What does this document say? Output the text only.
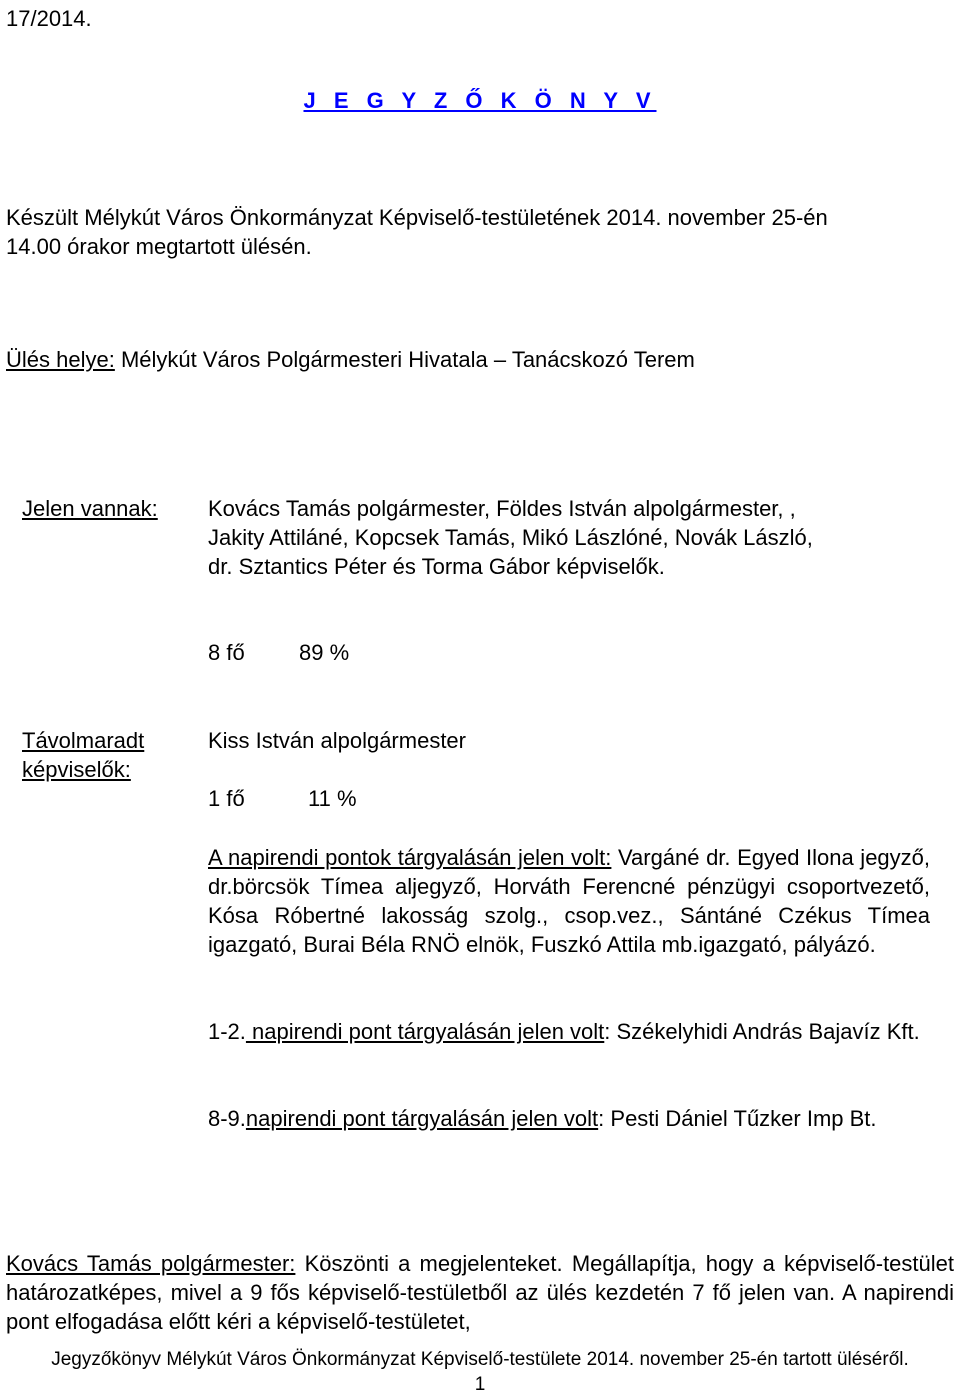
17/2014.
J E G Y Z Ő K Ö N Y V
Készült Mélykút Város Önkormányzat Képviselő-testületének 2014. november 25-én
14.00 órakor megtartott ülésén.
Ülés helye: Mélykút Város Polgármesteri Hivatala – Tanácskozó Terem
Jelen vannak: Kovács Tamás polgármester, Földes István alpolgármester, ,
Jakity Attiláné, Kopcsek Tamás, Mikó Lászlóné, Novák László,
dr. Sztantics Péter és Torma Gábor képviselők.
8 fő 89 %
Távolmaradt
képviselők:
Kiss István alpolgármester
1 fő	11 %
A napirendi pontok tárgyalásán jelen volt: Vargáné dr. Egyed Ilona jegyző, dr.börcsök Tímea aljegyző, Horváth Ferencné pénzügyi csoportvezető, Kósa Róbertné lakosság szolg., csop.vez., Sántáné Czékus Tímea igazgató, Burai Béla RNÖ elnök, Fuszkó Attila mb.igazgató, pályázó.
1-2. napirendi pont tárgyalásán jelen volt: Székelyhidi András Bajavíz Kft.
8-9.napirendi pont tárgyalásán jelen volt: Pesti Dániel Tűzker Imp Bt.
Kovács Tamás polgármester: Köszönti a megjelenteket. Megállapítja, hogy a képviselő-testület határozatképes, mivel a 9 fős képviselő-testületből az ülés kezdetén 7 fő jelen van. A napirendi pont elfogadása előtt kéri a képviselő-testületet,
Jegyzőkönyv Mélykút Város Önkormányzat Képviselő-testülete 2014. november 25-én tartott üléséről.
1
